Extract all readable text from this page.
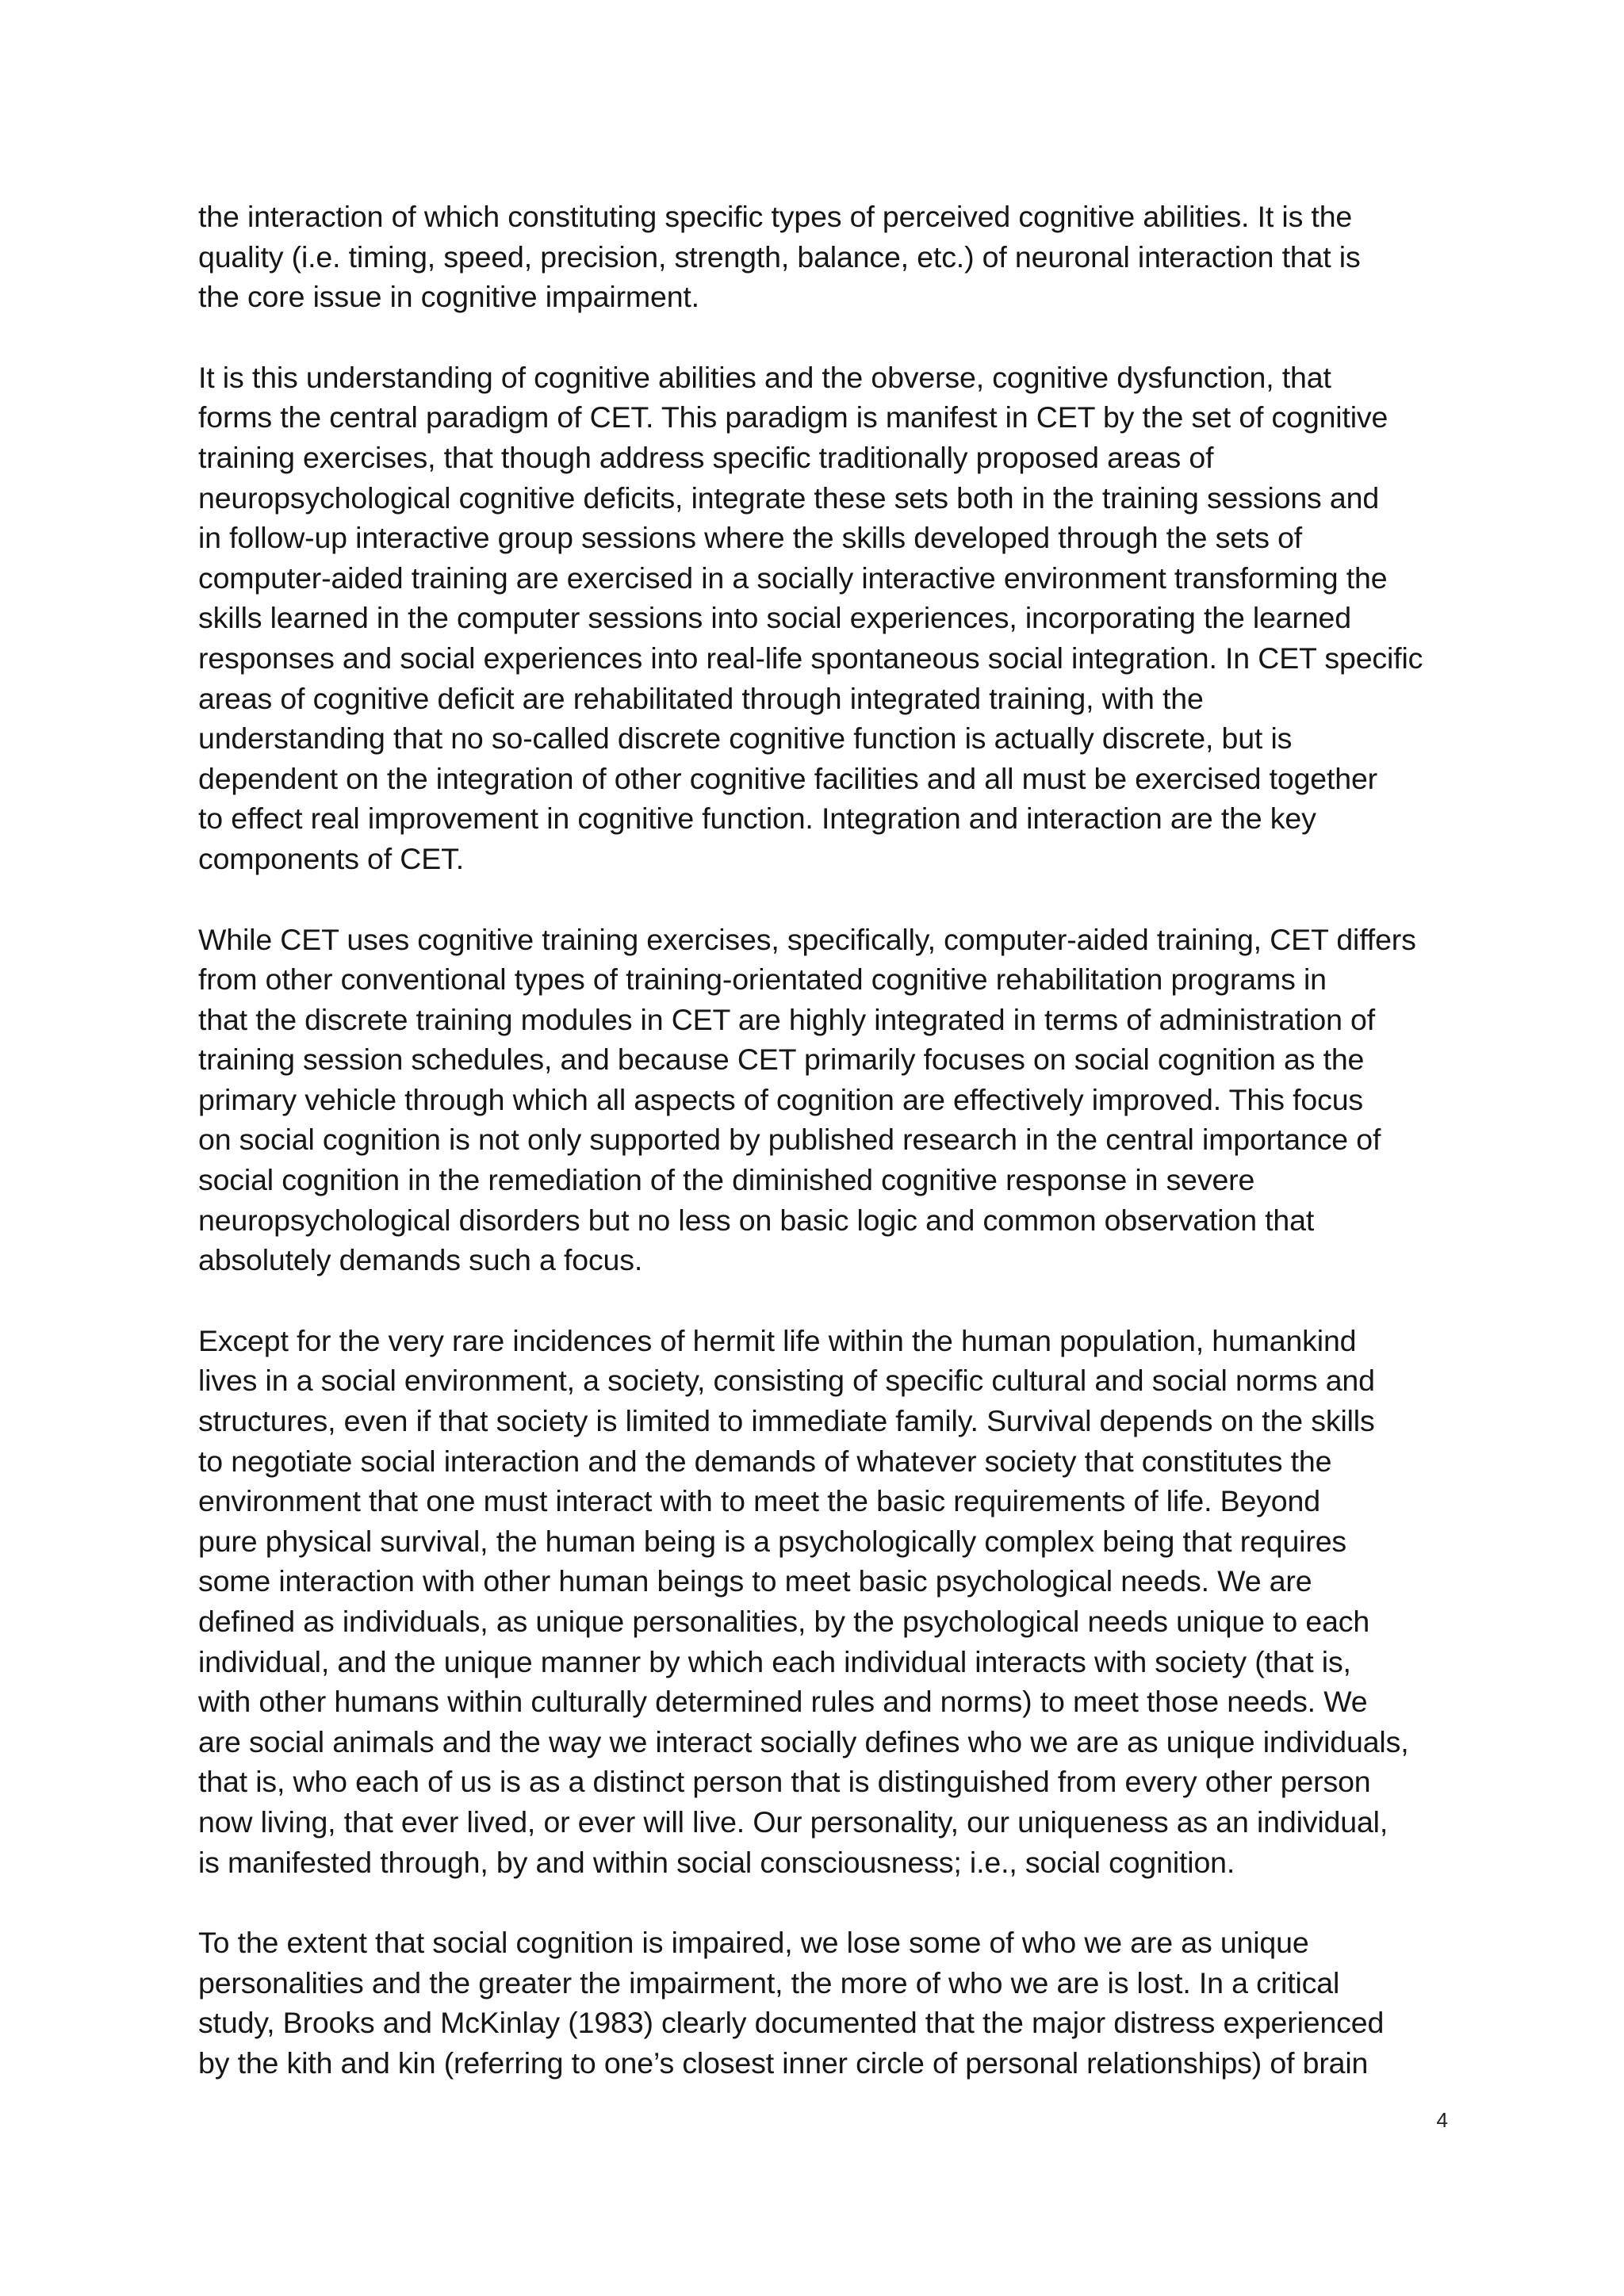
the interaction of which constituting specific types of perceived cognitive abilities. It is the
quality (i.e. timing, speed, precision, strength, balance, etc.) of neuronal interaction that is
the core issue in cognitive impairment.

It is this understanding of cognitive abilities and the obverse, cognitive dysfunction, that
forms the central paradigm of CET. This paradigm is manifest in CET by the set of cognitive
training exercises, that though address specific traditionally proposed areas of
neuropsychological cognitive deficits, integrate these sets both in the training sessions and
in follow-up interactive group sessions where the skills developed through the sets of
computer-aided training are exercised in a socially interactive environment transforming the
skills learned in the computer sessions into social experiences, incorporating the learned
responses and social experiences into real-life spontaneous social integration. In CET specific
areas of cognitive deficit are rehabilitated through integrated training, with the
understanding that no so-called discrete cognitive function is actually discrete, but is
dependent on the integration of other cognitive facilities and all must be exercised together
to effect real improvement in cognitive function. Integration and interaction are the key
components of CET.

While CET uses cognitive training exercises, specifically, computer-aided training, CET differs
from other conventional types of training-orientated cognitive rehabilitation programs in
that the discrete training modules in CET are highly integrated in terms of administration of
training session schedules, and because CET primarily focuses on social cognition as the
primary vehicle through which all aspects of cognition are effectively improved. This focus
on social cognition is not only supported by published research in the central importance of
social cognition in the remediation of the diminished cognitive response in severe
neuropsychological disorders but no less on basic logic and common observation that
absolutely demands such a focus.

Except for the very rare incidences of hermit life within the human population, humankind
lives in a social environment, a society, consisting of specific cultural and social norms and
structures, even if that society is limited to immediate family. Survival depends on the skills
to negotiate social interaction and the demands of whatever society that constitutes the
environment that one must interact with to meet the basic requirements of life. Beyond
pure physical survival, the human being is a psychologically complex being that requires
some interaction with other human beings to meet basic psychological needs. We are
defined as individuals, as unique personalities, by the psychological needs unique to each
individual, and the unique manner by which each individual interacts with society (that is,
with other humans within culturally determined rules and norms) to meet those needs. We
are social animals and the way we interact socially defines who we are as unique individuals,
that is, who each of us is as a distinct person that is distinguished from every other person
now living, that ever lived, or ever will live. Our personality, our uniqueness as an individual,
is manifested through, by and within social consciousness; i.e., social cognition.

To the extent that social cognition is impaired, we lose some of who we are as unique
personalities and the greater the impairment, the more of who we are is lost. In a critical
study, Brooks and McKinlay (1983) clearly documented that the major distress experienced
by the kith and kin (referring to one’s closest inner circle of personal relationships) of brain

4
